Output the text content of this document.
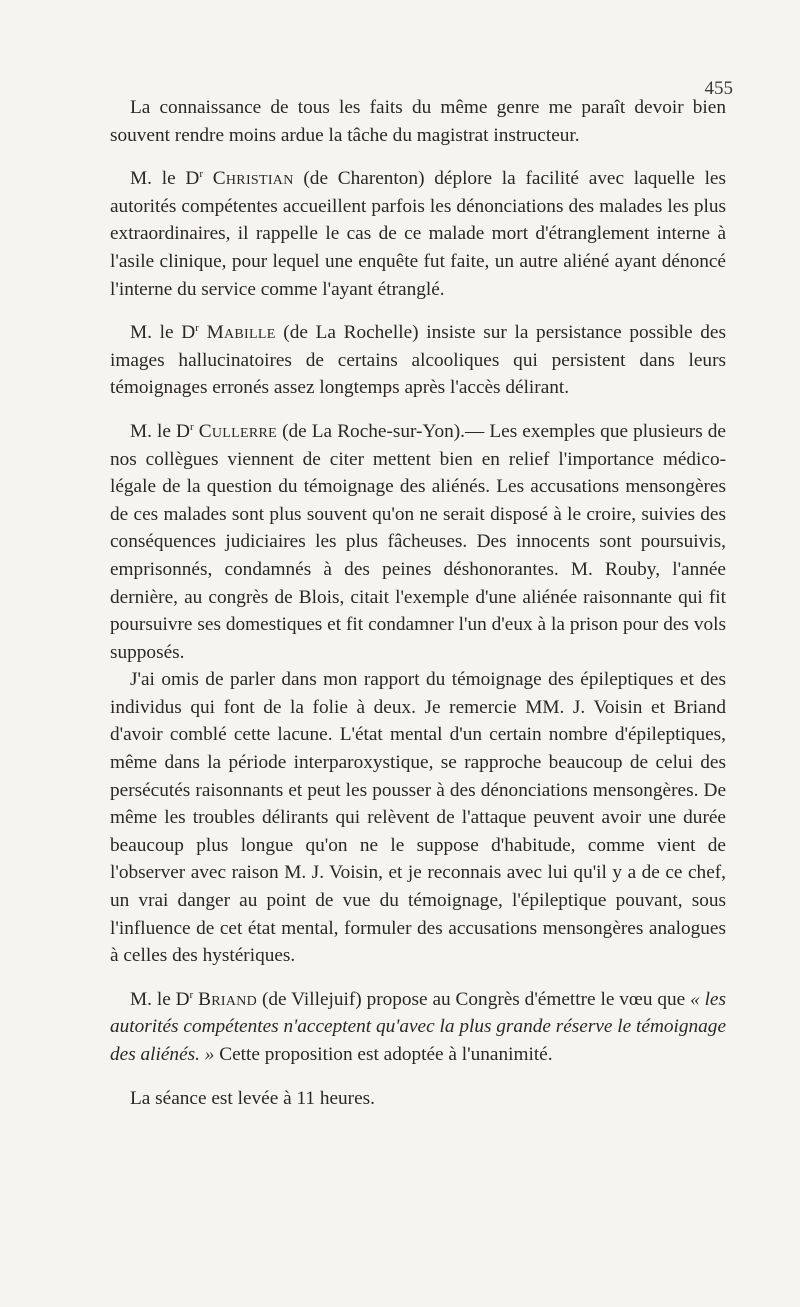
455

La connaissance de tous les faits du même genre me paraît devoir bien souvent rendre moins ardue la tâche du magistrat instructeur.

M. le $D^r$ Christian (de Charenton) déplore la facilité avec laquelle les autorités compétentes accueillent parfois les dénonciations des malades les plus extraordinaires, il rappelle le cas de ce malade mort d'étranglement interne à l'asile clinique, pour lequel une enquête fut faite, un autre aliéné ayant dénoncé l'interne du service comme l'ayant étranglé.

M. le $D^r$ Mabille (de La Rochelle) insiste sur la persistance possible des images hallucinatoires de certains alcooliques qui persistent dans leurs témoignages erronés assez longtemps après l'accès délirant.

M. le $D^r$ Cullerre (de La Roche-sur-Yon).— Les exemples que plusieurs de nos collègues viennent de citer mettent bien en relief l'importance médico-légale de la question du témoignage des aliénés. Les accusations mensongères de ces malades sont plus souvent qu'on ne serait disposé à le croire, suivies des conséquences judiciaires les plus fâcheuses. Des innocents sont poursuivis, emprisonnés, condamnés à des peines déshonorantes. M. Rouby, l'année dernière, au congrès de Blois, citait l'exemple d'une aliénée raisonnante qui fit poursuivre ses domestiques et fit condamner l'un d'eux à la prison pour des vols supposés.

J'ai omis de parler dans mon rapport du témoignage des épileptiques et des individus qui font de la folie à deux. Je remercie MM. J. Voisin et Briand d'avoir comblé cette lacune. L'état mental d'un certain nombre d'épileptiques, même dans la période interparoxystique, se rapproche beaucoup de celui des persécutés raisonnants et peut les pousser à des dénonciations mensongères. De même les troubles délirants qui relèvent de l'attaque peuvent avoir une durée beaucoup plus longue qu'on ne le suppose d'habitude, comme vient de l'observer avec raison M. J. Voisin, et je reconnais avec lui qu'il y a de ce chef, un vrai danger au point de vue du témoignage, l'épileptique pouvant, sous l'influence de cet état mental, formuler des accusations mensongères analogues à celles des hystériques.

M. le $D^r$ Briand (de Villejuif) propose au Congrès d'émettre le vœu que « les autorités compétentes n'acceptent qu'avec la plus grande réserve le témoignage des aliénés. » Cette proposition est adoptée à l'unanimité.

La séance est levée à 11 heures.
